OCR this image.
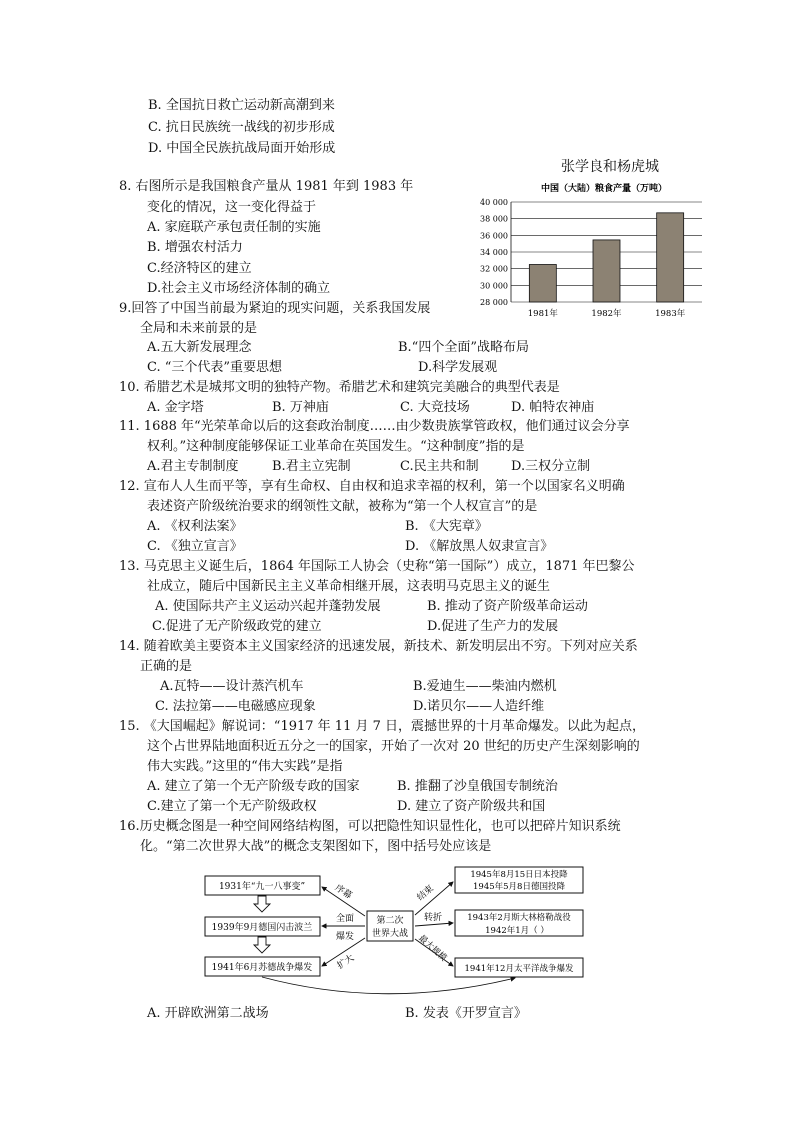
B. 全国抗日救亡运动新高潮到来
C. 抗日民族统一战线的初步形成
D. 中国全民族抗战局面开始形成
8. 右图所示是我国粮食产量从 1981 年到 1983 年
变化的情况，这一变化得益于
A. 家庭联产承包责任制的实施
B. 增强农村活力
C.经济特区的建立
D.社会主义市场经济体制的确立
张学良和杨虎城
中国（大陆）粮食产量（万吨）
40 000
38 000
36 000
34 000
32 000
30 000
28 000
1981年	1982年	1983年
9.回答了中国当前最为紧迫的现实问题，关系我国发展
全局和未来前景的是
A.五大新发展理念	B.“四个全面”战略布局
C. “三个代表”重要思想	D.科学发展观
10. 希腊艺术是城邦文明的独特产物。希腊艺术和建筑完美融合的典型代表是
A. 金字塔	B. 万神庙	C. 大竞技场	D. 帕特农神庙
11. 1688 年“光荣革命以后的这套政治制度……由少数贵族掌管政权，他们通过议会分享
权利。”这种制度能够保证工业革命在英国发生。“这种制度”指的是
A.君主专制制度	B.君主立宪制	C.民主共和制 D.三权分立制
12. 宣布人人生而平等，享有生命权、自由权和追求幸福的权利，第一个以国家名义明确
表述资产阶级统治要求的纲领性文献，被称为“第一个人权宣言”的是
A. 《权利法案》	B. 《大宪章》
C. 《独立宣言》	D. 《解放黑人奴隶宣言》
13. 马克思主义诞生后，1864 年国际工人协会（史称“第一国际”）成立，1871 年巴黎公
社成立，随后中国新民主主义革命相继开展，这表明马克思主义的诞生
A. 使国际共产主义运动兴起并蓬勃发展	B. 推动了资产阶级革命运动
C.促进了无产阶级政党的建立	D.促进了生产力的发展
14. 随着欧美主要资本主义国家经济的迅速发展，新技术、新发明层出不穷。下列对应关系
正确的是
A.瓦特——设计蒸汽机车	B.爱迪生——柴油内燃机
C. 法拉第——电磁感应现象	D.诺贝尔——人造纤维
15. 《大国崛起》解说词：“1917 年 11 月 7 日，震撼世界的十月革命爆发。以此为起点，
这个占世界陆地面积近五分之一的国家，开始了一次对 20 世纪的历史产生深刻影响的
伟大实践。”这里的“伟大实践”是指
A. 建立了第一个无产阶级专政的国家	B. 推翻了沙皇俄国专制统治
C.建立了第一个无产阶级政权	D. 建立了资产阶级共和国
16.历史概念图是一种空间网络结构图，可以把隐性知识显性化，也可以把碎片知识系统
化。“第二次世界大战”的概念支架图如下，图中括号处应该是
1931年“九一八事变”
1939年9月德国闪击波兰
1941年6月苏德战争爆发
第二次
世界大战
1945年8月15日日本投降
1945年5月8日德国投降
1943年2月斯大林格勒战役
1942年1月（ ）
1941年12月太平洋战争爆发
序幕
全面
爆发
扩大
结束
转折
最大规模
A. 开辟欧洲第二战场	B. 发表《开罗宣言》
